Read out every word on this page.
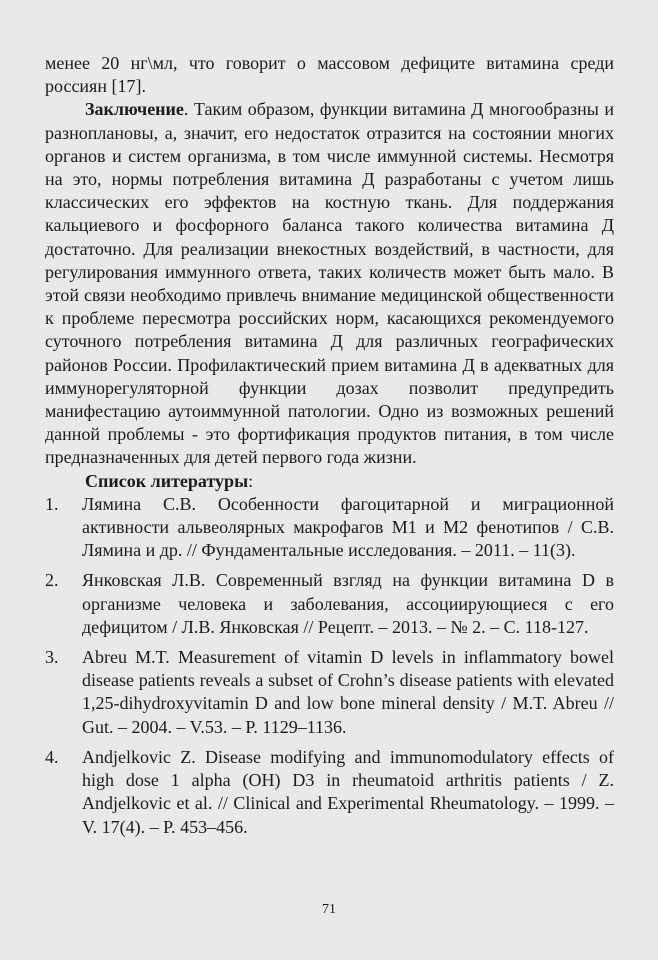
менее 20 нг\мл, что говорит о массовом дефиците витамина среди россиян [17].

Заключение. Таким образом, функции витамина Д многообразны и разноплановы, а, значит, его недостаток отразится на состоянии многих органов и систем организма, в том числе иммунной системы. Несмотря на это, нормы потребления витамина Д разработаны с учетом лишь классических его эффектов на костную ткань. Для поддержания кальциевого и фосфорного баланса такого количества витамина Д достаточно. Для реализации внекостных воздействий, в частности, для регулирования иммунного ответа, таких количеств может быть мало. В этой связи необходимо привлечь внимание медицинской общественности к проблеме пересмотра российских норм, касающихся рекомендуемого суточного потребления витамина Д для различных географических районов России. Профилактический прием витамина Д в адекватных для иммунорегуляторной функции дозах позволит предупредить манифестацию аутоиммунной патологии. Одно из возможных решений данной проблемы - это фортификация продуктов питания, в том числе предназначенных для детей первого года жизни.

Список литературы:

1. Лямина С.В. Особенности фагоцитарной и миграционной активности альвеолярных макрофагов М1 и М2 фенотипов / С.В. Лямина и др. // Фундаментальные исследования. – 2011. – 11(3).
2. Янковская Л.В. Современный взгляд на функции витамина D в организме человека и заболевания, ассоциирующиеся с его дефицитом / Л.В. Янковская // Рецепт. – 2013. – № 2. – С. 118-127.
3. Abreu M.T. Measurement of vitamin D levels in inflammatory bowel disease patients reveals a subset of Crohn’s disease patients with elevated 1,25-dihydroxyvitamin D and low bone mineral density / M.T. Abreu // Gut. – 2004. – V.53. – P. 1129–1136.
4. Andjelkovic Z. Disease modifying and immunomodulatory effects of high dose 1 alpha (OH) D3 in rheumatoid arthritis patients / Z. Andjelkovic et al. // Clinical and Experimental Rheumatology. – 1999. – V. 17(4). – P. 453–456.
71
